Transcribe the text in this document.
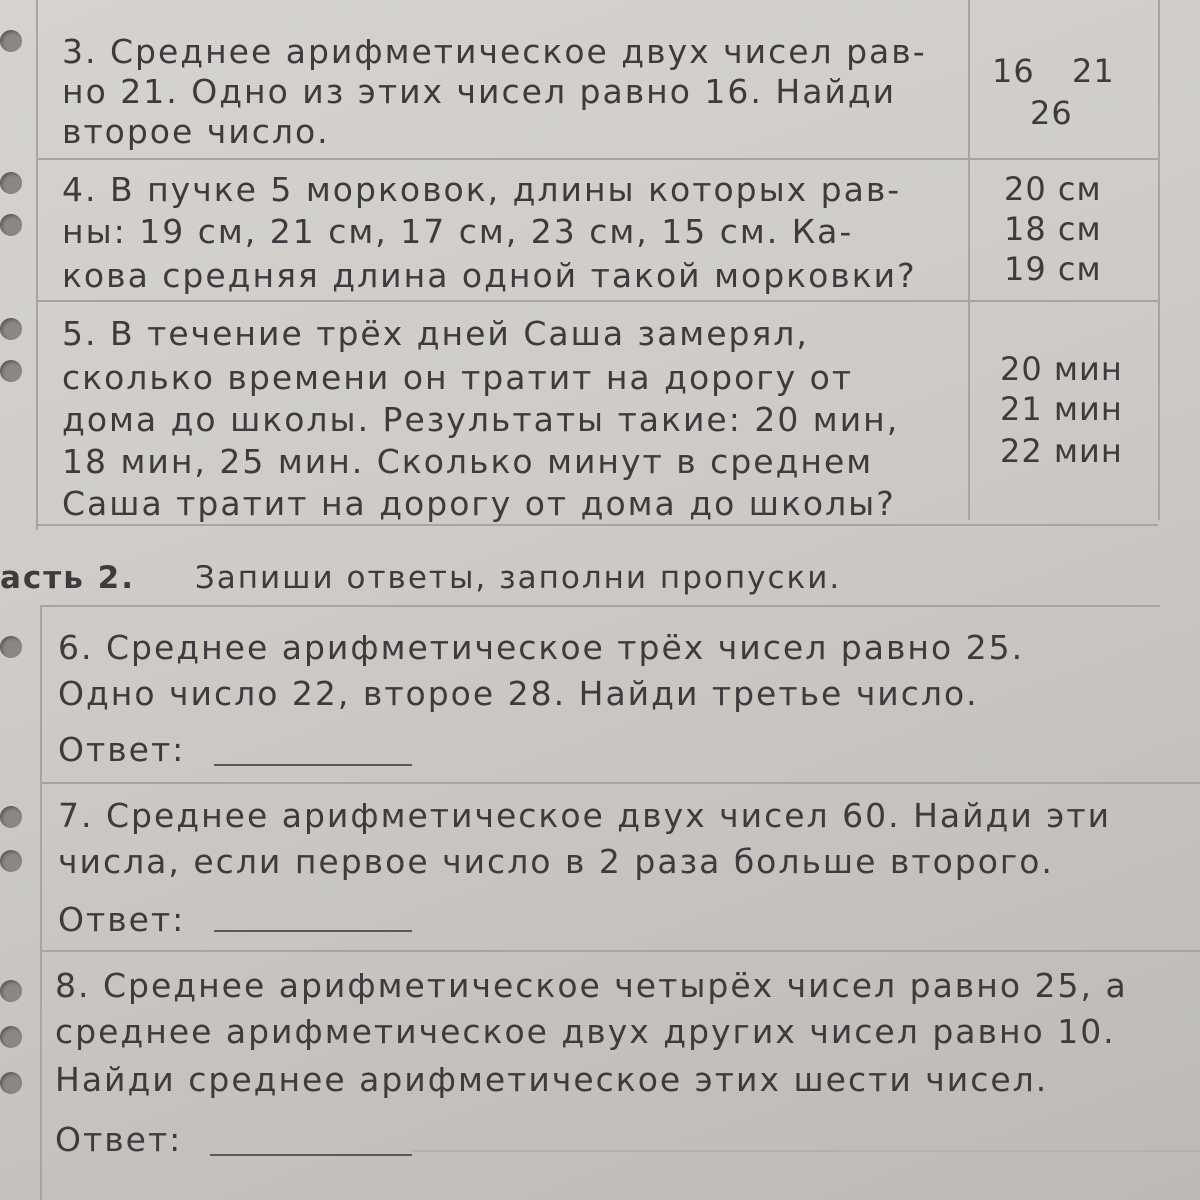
3. Среднее арифметическое двух чисел рав-
но 21. Одно из этих чисел равно 16. Найди
второе число.
16 21
26
4. В пучке 5 морковок, длины которых рав-
ны: 19 см, 21 см, 17 см, 23 см, 15 см. Ка-
кова средняя длина одной такой морковки?
20 см
18 см
19 см
5. В течение трёх дней Саша замерял,
сколько времени он тратит на дорогу от
дома до школы. Результаты такие: 20 мин,
18 мин, 25 мин. Сколько минут в среднем
Саша тратит на дорогу от дома до школы?
20 мин
21 мин
22 мин
асть 2. Запиши ответы, заполни пропуски.
6. Среднее арифметическое трёх чисел равно 25.
Одно число 22, второе 28. Найди третье число.
Ответ:
7. Среднее арифметическое двух чисел 60. Найди эти
числа, если первое число в 2 раза больше второго.
Ответ:
8. Среднее арифметическое четырёх чисел равно 25, а
среднее арифметическое двух других чисел равно 10.
Найди среднее арифметическое этих шести чисел.
Ответ:
